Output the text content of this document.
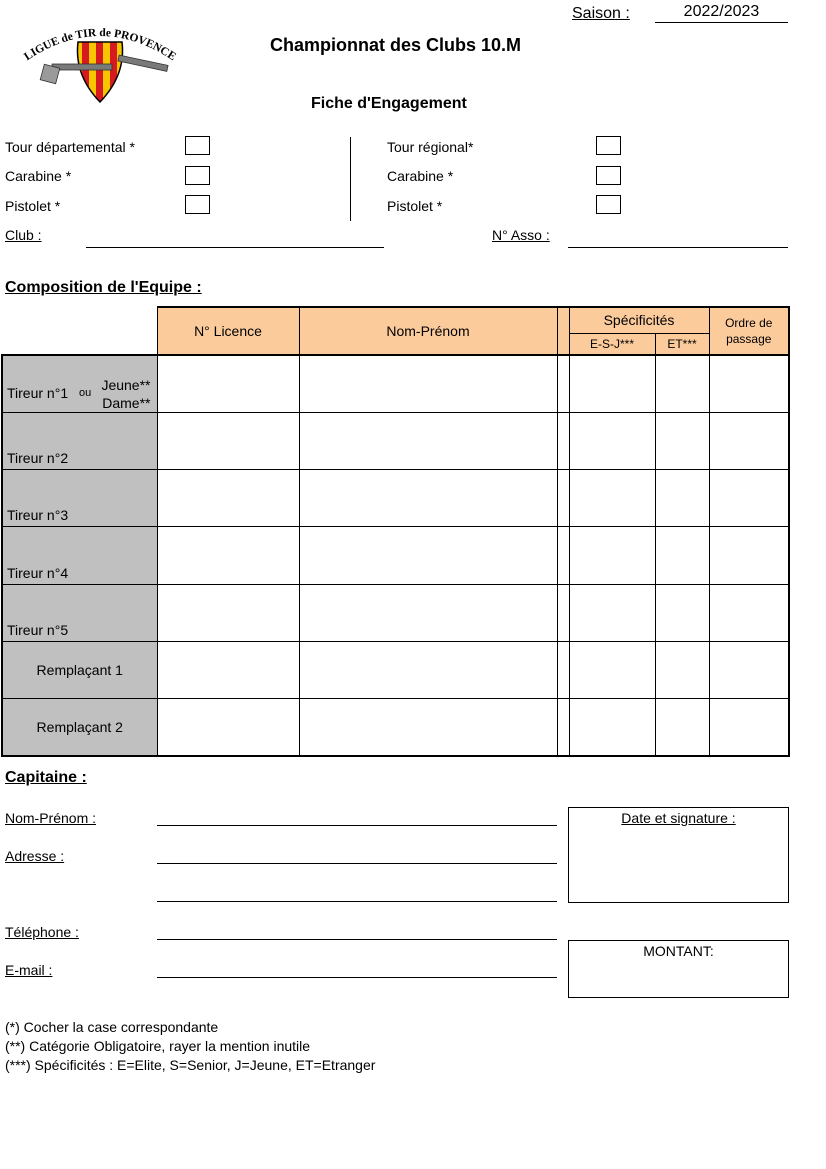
LIGUE de TIR de PROVENCE
Saison :	2022/2023
Championnat des Clubs 10.M
Fiche d'Engagement
Tour départemental *
Carabine *
Pistolet *
Tour régional*
Carabine *
Pistolet *
Club :	N° Asso :
Composition de l'Equipe :
	N° Licence	Nom-Prénom		Spécificités		Ordre de passage
				E-S-J***	ET***	

Tireur n°1 ou Jeune**
Dame**						

Tireur n°2						

Tireur n°3						

Tireur n°4						

Tireur n°5						

Remplaçant 1						
Remplaçant 2						
Capitaine :
Nom-Prénom :
Adresse :
Téléphone :
E-mail :
Date et signature :
MONTANT:
(*) Cocher la case correspondante
(**) Catégorie Obligatoire, rayer la mention inutile
(***) Spécificités : E=Elite, S=Senior, J=Jeune, ET=Etranger
